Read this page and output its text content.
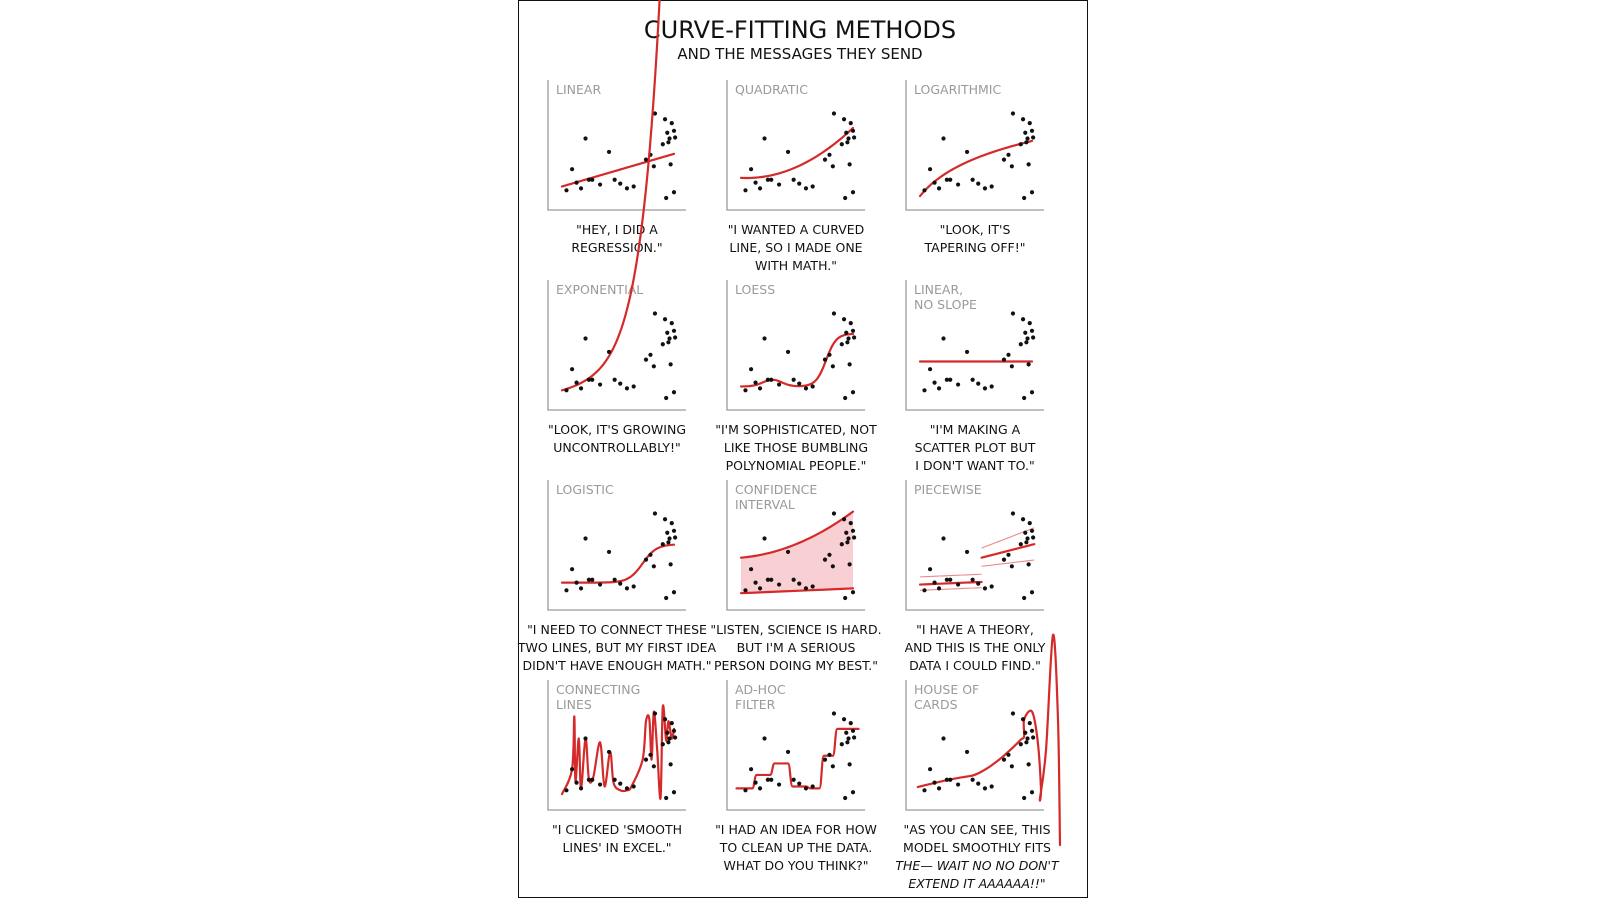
CURVE-FITTING METHODS
AND THE MESSAGES THEY SEND
LINEAR
"HEY, I DID A
REGRESSION."
QUADRATIC
"I WANTED A CURVED
LINE, SO I MADE ONE
WITH MATH."
LOGARITHMIC
"LOOK, IT'S
TAPERING OFF!"
EXPONENTIAL
"LOOK, IT'S GROWING
UNCONTROLLABLY!"
LOESS
"I'M SOPHISTICATED, NOT
LIKE THOSE BUMBLING
POLYNOMIAL PEOPLE."
LINEAR,
NO SLOPE
"I'M MAKING A
SCATTER PLOT BUT
I DON'T WANT TO."
LOGISTIC
"I NEED TO CONNECT THESE
TWO LINES, BUT MY FIRST IDEA
DIDN'T HAVE ENOUGH MATH."
CONFIDENCE
INTERVAL
"LISTEN, SCIENCE IS HARD.
BUT I'M A SERIOUS
PERSON DOING MY BEST."
PIECEWISE
"I HAVE A THEORY,
AND THIS IS THE ONLY
DATA I COULD FIND."
CONNECTING
LINES
"I CLICKED 'SMOOTH
LINES' IN EXCEL."
AD-HOC
FILTER
"I HAD AN IDEA FOR HOW
TO CLEAN UP THE DATA.
WHAT DO YOU THINK?"
HOUSE OF
CARDS
"AS YOU CAN SEE, THIS
MODEL SMOOTHLY FITS
THE— WAIT NO NO DON'T
EXTEND IT AAAAAA!!"
